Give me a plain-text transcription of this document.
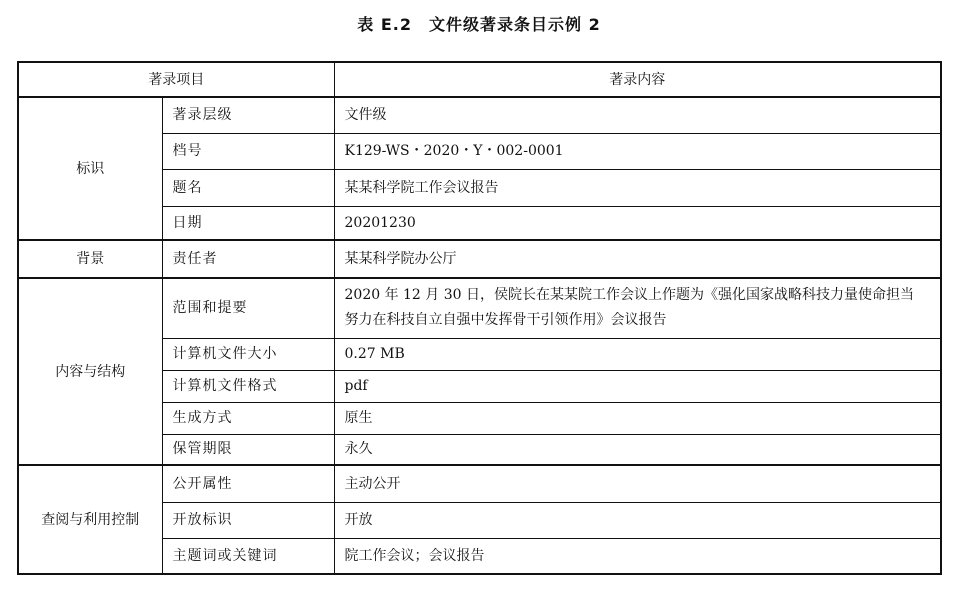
表 E.2　文件级著录条目示例 2
著录项目		著录内容
标识	著录层级	文件级
	档号	K129-WS・2020・Y・002-0001
	题名	某某科学院工作会议报告
	日期	20201230
背景	责任者	某某科学院办公厅
内容与结构	范围和提要	2020 年 12 月 30 日，侯院长在某某院工作会议上作题为《强化国家战略科技力量使命担当　努力在科技自立自强中发挥骨干引领作用》会议报告
	计算机文件大小	0.27 MB
	计算机文件格式	pdf
	生成方式	原生
	保管期限	永久
查阅与利用控制	公开属性	主动公开
	开放标识	开放
	主题词或关键词	院工作会议；会议报告
